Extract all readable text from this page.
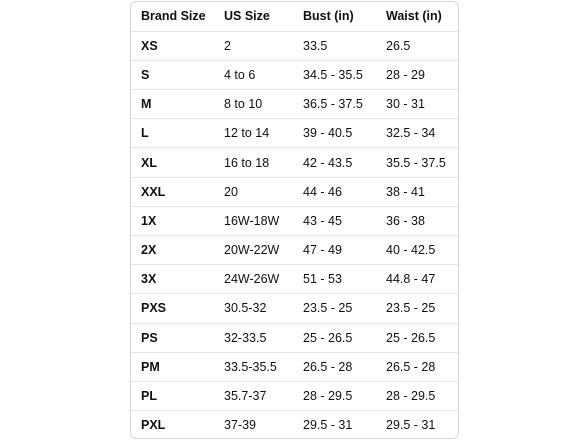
Brand Size	US Size	Bust (in)	Waist (in)
XS	2	33.5	26.5
S	4 to 6	34.5 - 35.5	28 - 29
M	8 to 10	36.5 - 37.5	30 - 31
L	12 to 14	39 - 40.5	32.5 - 34
XL	16 to 18	42 - 43.5	35.5 - 37.5
XXL	20	44 - 46	38 - 41
1X	16W-18W	43 - 45	36 - 38
2X	20W-22W	47 - 49	40 - 42.5
3X	24W-26W	51 - 53	44.8 - 47
PXS	30.5-32	23.5 - 25	23.5 - 25
PS	32-33.5	25 - 26.5	25 - 26.5
PM	33.5-35.5	26.5 - 28	26.5 - 28
PL	35.7-37	28 - 29.5	28 - 29.5
PXL	37-39	29.5 - 31	29.5 - 31
